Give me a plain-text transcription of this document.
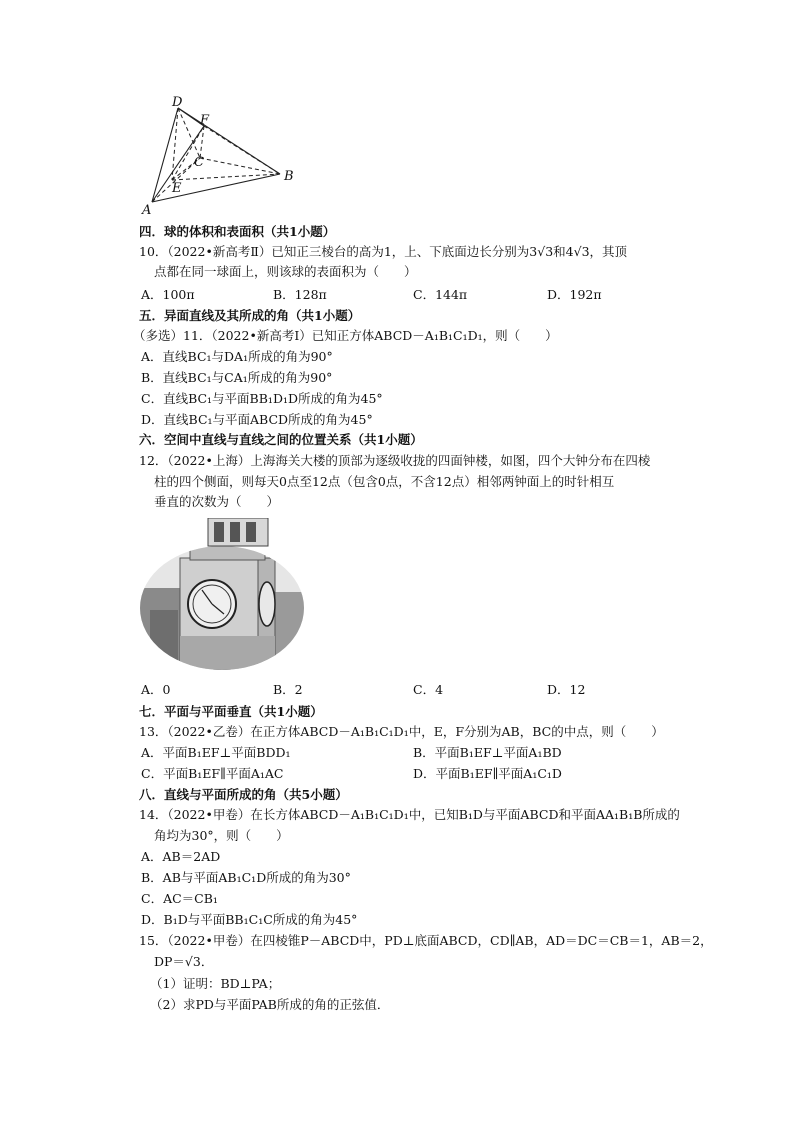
D
F
C
E
A
B
四．球的体积和表面积（共1小题）
10．（2022•新高考Ⅱ）已知正三棱台的高为1，上、下底面边长分别为3√3和4√3，其顶
点都在同一球面上，则该球的表面积为（　　）
A．100π	B．128π	C．144π	D．192π
五．异面直线及其所成的角（共1小题）
（多选）11．（2022•新高考Ⅰ）已知正方体ABCD－A₁B₁C₁D₁，则（　　）
A．直线BC₁与DA₁所成的角为90°
B．直线BC₁与CA₁所成的角为90°
C．直线BC₁与平面BB₁D₁D所成的角为45°
D．直线BC₁与平面ABCD所成的角为45°
六．空间中直线与直线之间的位置关系（共1小题）
12．（2022•上海）上海海关大楼的顶部为逐级收拢的四面钟楼，如图，四个大钟分布在四棱
柱的四个侧面，则每天0点至12点（包含0点，不含12点）相邻两钟面上的时针相互
垂直的次数为（　　）
A．0	B．2	C．4	D．12
七．平面与平面垂直（共1小题）
13．（2022•乙卷）在正方体ABCD－A₁B₁C₁D₁中，E，F分别为AB，BC的中点，则（　　）
A．平面B₁EF⊥平面BDD₁	B．平面B₁EF⊥平面A₁BD
C．平面B₁EF∥平面A₁AC	D．平面B₁EF∥平面A₁C₁D
八．直线与平面所成的角（共5小题）
14．（2022•甲卷）在长方体ABCD－A₁B₁C₁D₁中，已知B₁D与平面ABCD和平面AA₁B₁B所成的
角均为30°，则（　　）
A．AB＝2AD
B．AB与平面AB₁C₁D所成的角为30°
C．AC＝CB₁
D．B₁D与平面BB₁C₁C所成的角为45°
15．（2022•甲卷）在四棱锥P－ABCD中，PD⊥底面ABCD，CD∥AB，AD＝DC＝CB＝1，AB＝2，
DP＝√3．
（1）证明：BD⊥PA；
（2）求PD与平面PAB所成的角的正弦值．
